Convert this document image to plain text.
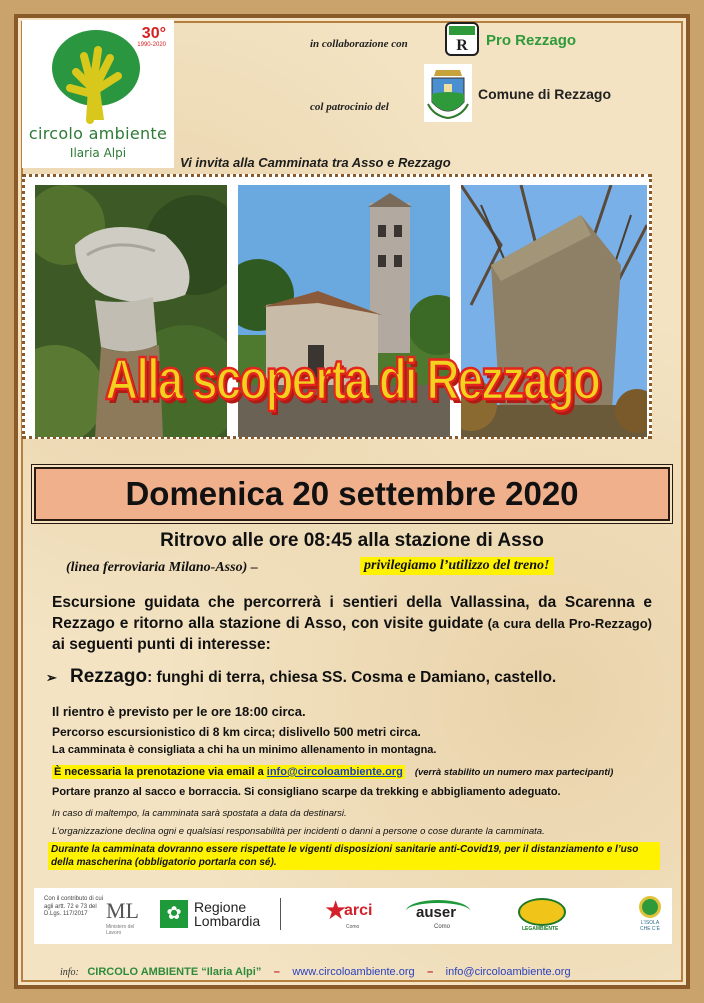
30°
1990-2020
circolo ambiente
Ilaria Alpi
in collaborazione con	R Pro Rezzago
col patrocinio del
Comune di Rezzago
Vi invita alla Camminata tra Asso e Rezzago
Alla scoperta di Rezzago
Domenica 20 settembre 2020
Ritrovo alle ore 08:45 alla stazione di Asso
(linea ferroviaria Milano-Asso) –	privilegiamo l’utilizzo del treno!
Escursione guidata che percorrerà i sentieri della Vallassina, da Scarenna e Rezzago e ritorno alla stazione di Asso, con visite guidate (a cura della Pro-Rezzago) ai seguenti punti di interesse:
➢ Rezzago: funghi di terra, chiesa SS. Cosma e Damiano, castello.
Il rientro è previsto per le ore 18:00 circa.
Percorso escursionistico di 8 km circa; dislivello 500 metri circa.
La camminata è consigliata a chi ha un minimo allenamento in montagna.
È necessaria la prenotazione via email a info@circoloambiente.org (verrà stabilito un numero max partecipanti)
Portare pranzo al sacco e borraccia. Si consigliano scarpe da trekking e abbigliamento adeguato.
In caso di maltempo, la camminata sarà spostata a data da destinarsi.
L’organizzazione declina ogni e qualsiasi responsabilità per incidenti o danni a persone o cose durante la camminata.
Durante la camminata dovranno essere rispettate le vigenti disposizioni sanitarie anti-Covid19, per il distanziamento e l’uso della mascherina (obbligatorio portarla con sé).
Con il contributo di cui agli artt. 72 e 73 del D.Lgs. 117/2017 ML
Ministero del Lavoro
✿ Regione
Lombardia ★
arci
Como
auser
Como	LEGAMBIENTE
L’ISOLA CHE C’È
info: CIRCOLO AMBIENTE “Ilaria Alpi” – www.circoloambiente.org – info@circoloambiente.org
